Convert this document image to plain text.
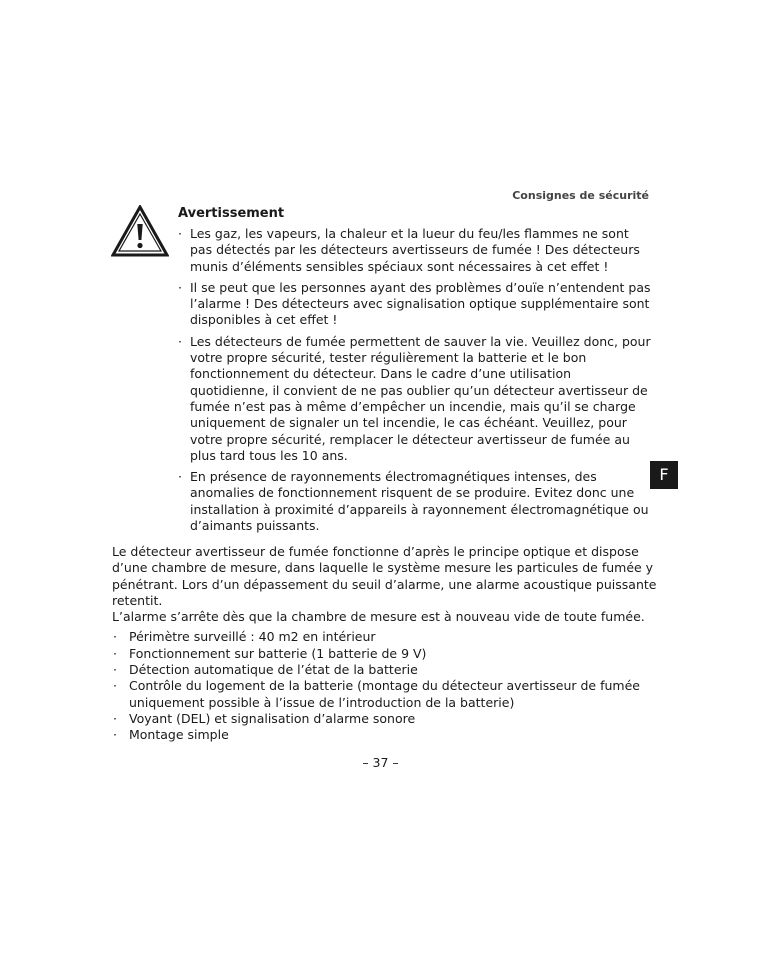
Consignes de sécurité
Avertissement
· Les gaz, les vapeurs, la chaleur et la lueur du feu/les flammes ne sont pas détectés par les détecteurs avertisseurs de fumée ! Des détecteurs munis d’éléments sensibles spéciaux sont nécessaires à cet effet !
· Il se peut que les personnes ayant des problèmes d’ouïe n’entendent pas l’alarme ! Des détecteurs avec signalisation optique supplémentaire sont disponibles à cet effet !
· Les détecteurs de fumée permettent de sauver la vie. Veuillez donc, pour votre propre sécurité, tester régulièrement la batterie et le bon fonctionnement du détecteur. Dans le cadre d’une utilisation quotidienne, il convient de ne pas oublier qu’un détecteur avertisseur de fumée n’est pas à même d’empêcher un incendie, mais qu’il se charge uniquement de signaler un tel incendie, le cas échéant. Veuillez, pour votre propre sécurité, remplacer le détecteur avertisseur de fumée au plus tard tous les 10 ans.
· En présence de rayonnements électromagnétiques intenses, des anomalies de fonctionnement risquent de se produire. Evitez donc une installation à proximité d’appareils à rayonnement électromagnétique ou d’aimants puissants.
F

Le détecteur avertisseur de fumée fonctionne d’après le principe optique et dispose d’une chambre de mesure, dans laquelle le système mesure les particules de fumée y pénétrant. Lors d’un dépassement du seuil d’alarme, une alarme acoustique puissante retentit.

L’alarme s’arrête dès que la chambre de mesure est à nouveau vide de toute fumée.

· Périmètre surveillé : 40 m2 en intérieur
· Fonctionnement sur batterie (1 batterie de 9 V)
· Détection automatique de l’état de la batterie
· Contrôle du logement de la batterie (montage du détecteur avertisseur de fumée uniquement possible à l’issue de l’introduction de la batterie)
· Voyant (DEL) et signalisation d’alarme sonore
· Montage simple
– 37 –
